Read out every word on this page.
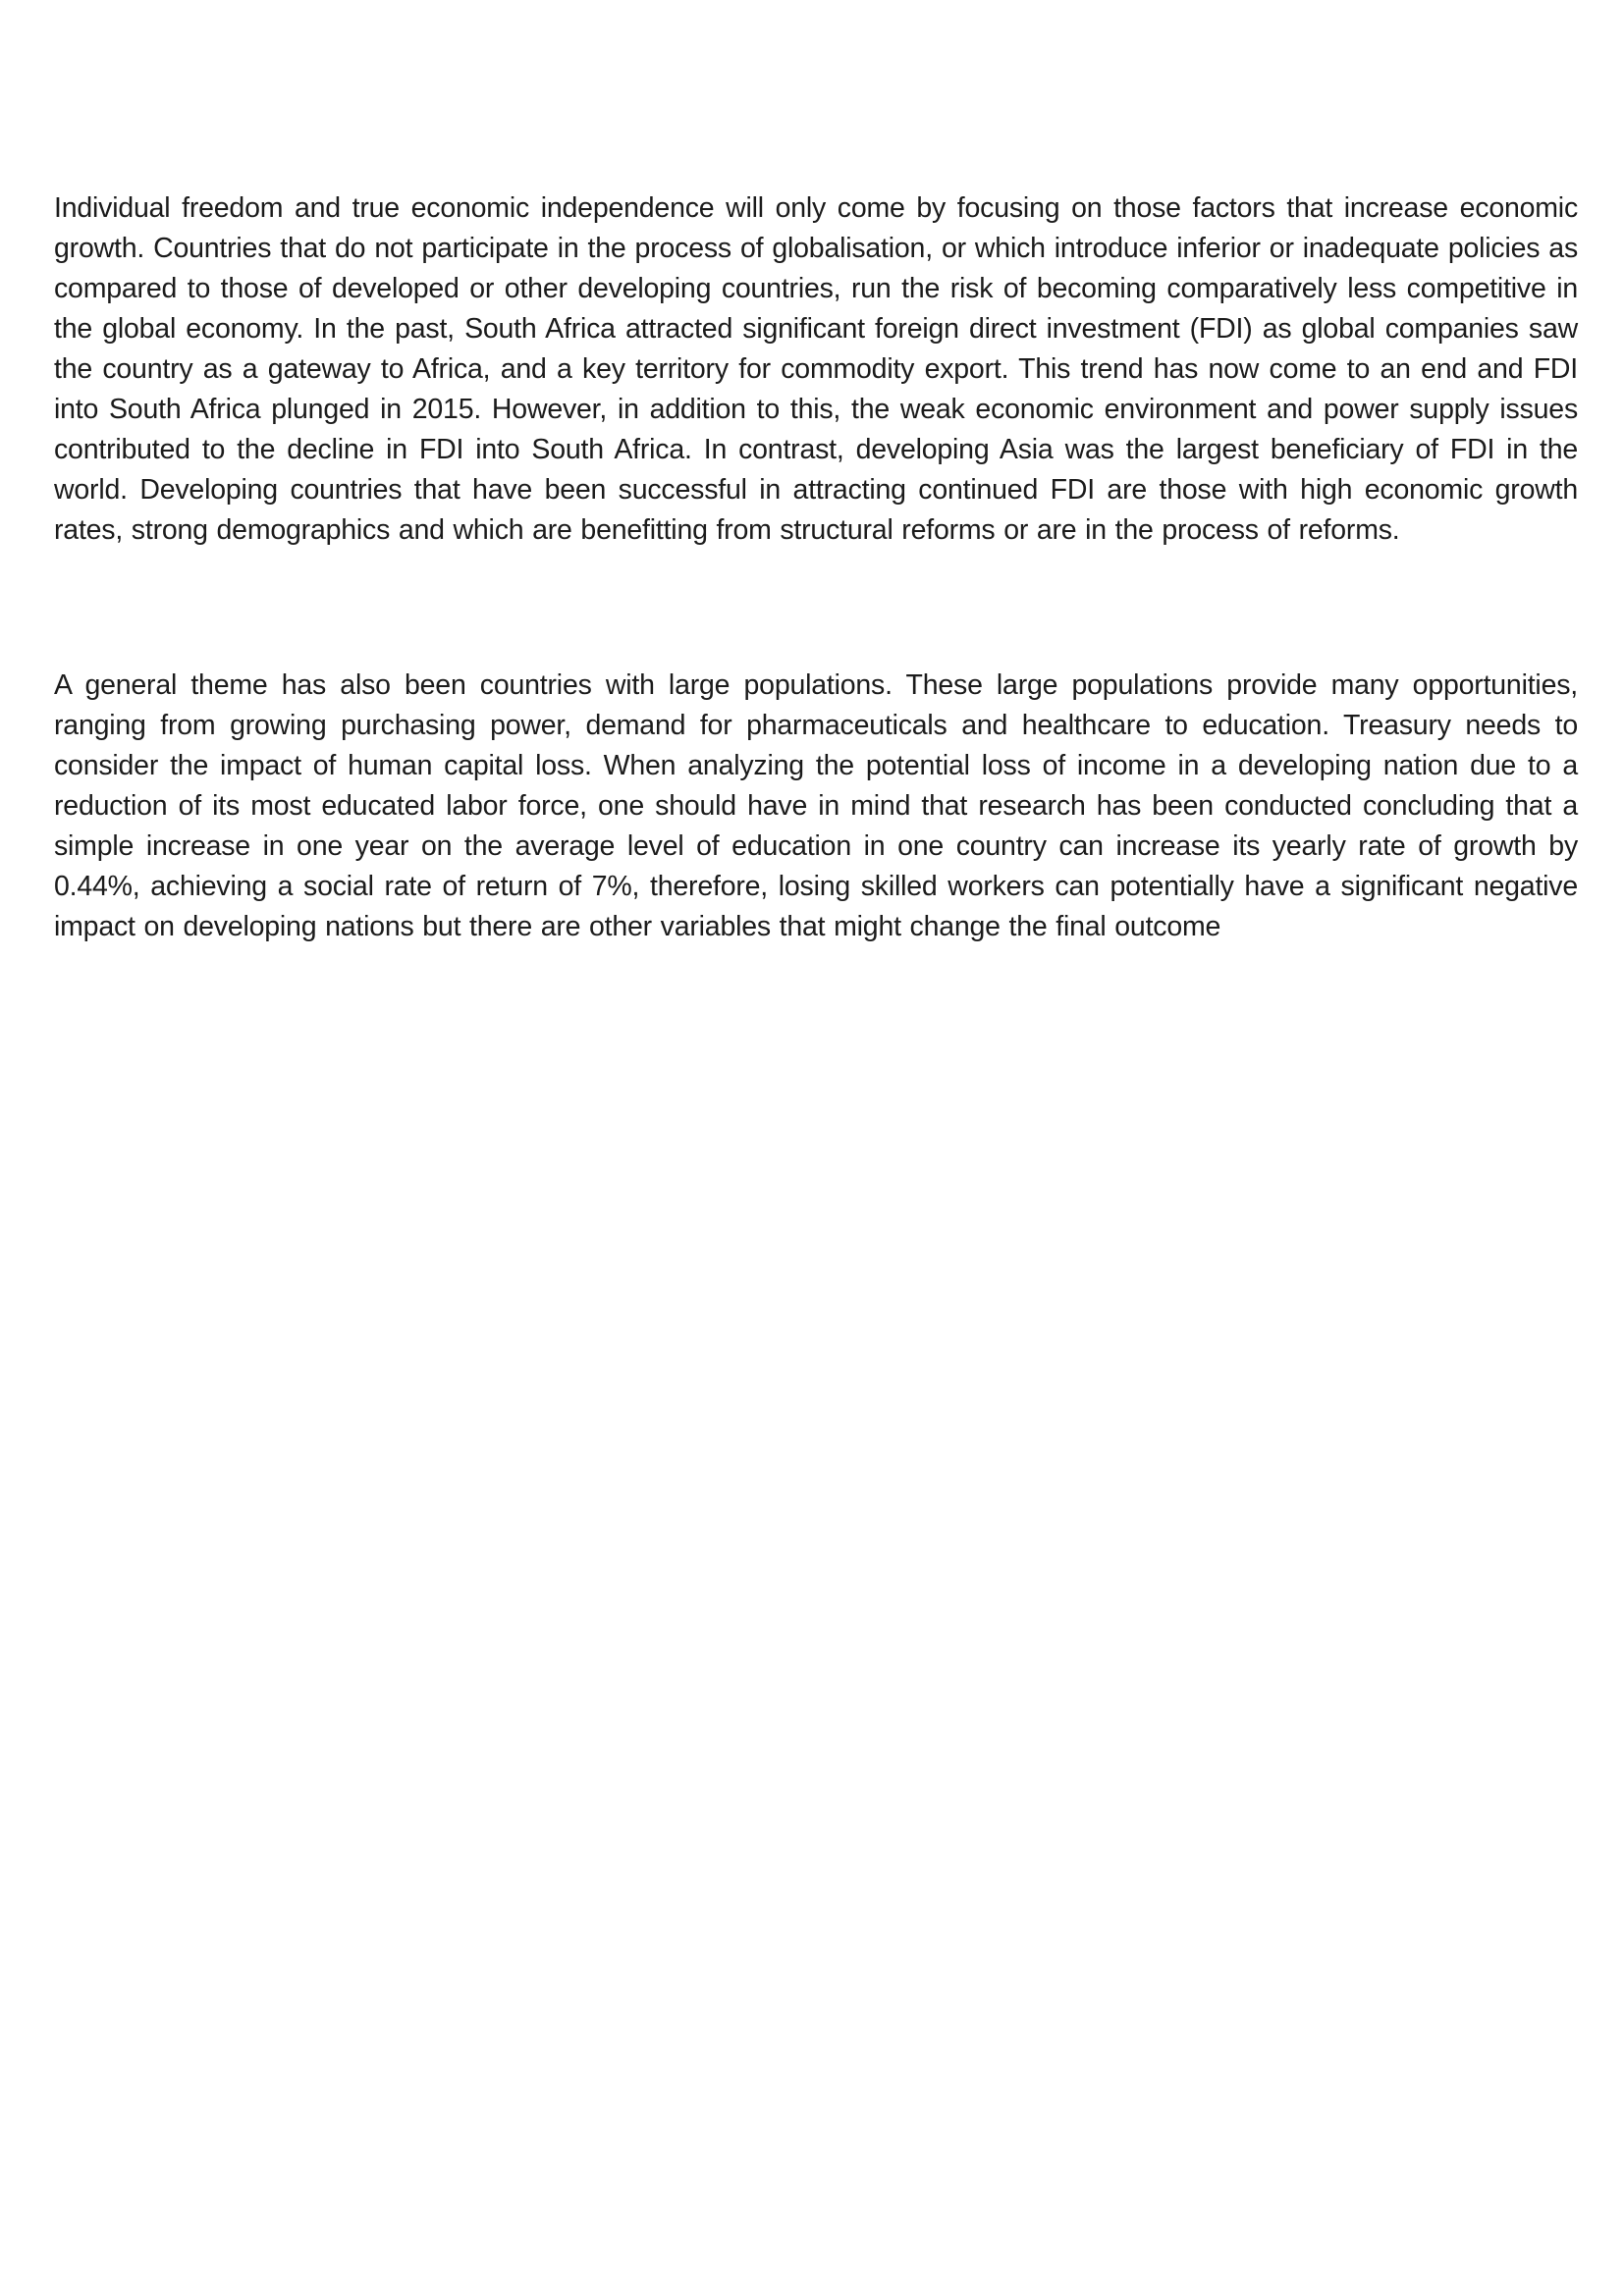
Individual freedom and true economic independence will only come by focusing on those factors that increase economic growth. Countries that do not participate in the process of globalisation, or which introduce inferior or inadequate policies as compared to those of developed or other developing countries, run the risk of becoming comparatively less competitive in the global economy. In the past, South Africa attracted significant foreign direct investment (FDI) as global companies saw the country as a gateway to Africa, and a key territory for commodity export. This trend has now come to an end and FDI into South Africa plunged in 2015. However, in addition to this, the weak economic environment and power supply issues contributed to the decline in FDI into South Africa. In contrast, developing Asia was the largest beneficiary of FDI in the world. Developing countries that have been successful in attracting continued FDI are those with high economic growth rates, strong demographics and which are benefitting from structural reforms or are in the process of reforms.

A general theme has also been countries with large populations. These large populations provide many opportunities, ranging from growing purchasing power, demand for pharmaceuticals and healthcare to education. Treasury needs to consider the impact of human capital loss. When analyzing the potential loss of income in a developing nation due to a reduction of its most educated labor force, one should have in mind that research has been conducted concluding that a simple increase in one year on the average level of education in one country can increase its yearly rate of growth by 0.44%, achieving a social rate of return of 7%, therefore, losing skilled workers can potentially have a significant negative impact on developing nations but there are other variables that might change the final outcome
